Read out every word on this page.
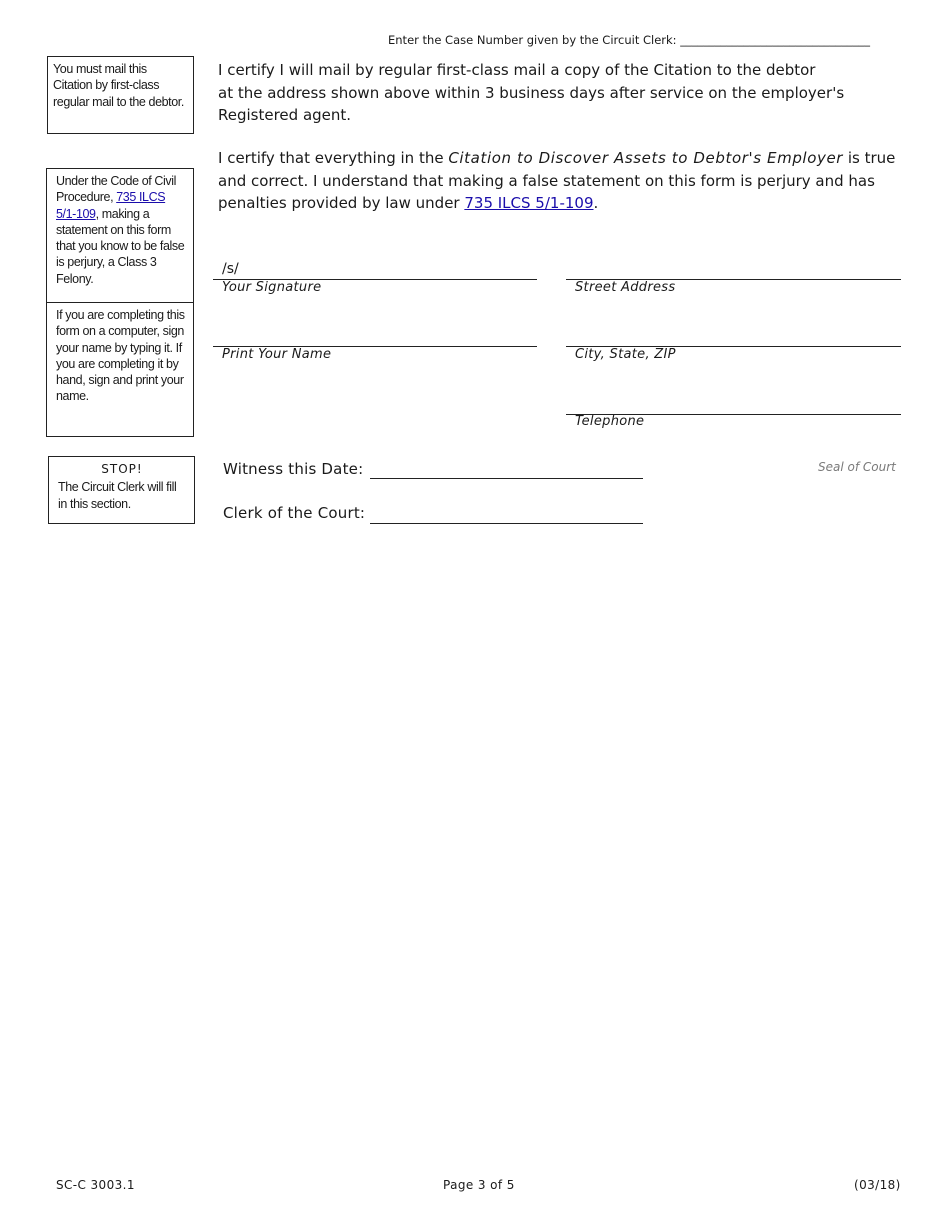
Enter the Case Number given by the Circuit Clerk: _________________________________
You must mail this Citation by first-class regular mail to the debtor.
Under the Code of Civil Procedure, 735 ILCS 5/1-109, making a statement on this form that you know to be false is perjury, a Class 3 Felony.
If you are completing this form on a computer, sign your name by typing it. If you are completing it by hand, sign and print your name.
STOP!
The Circuit Clerk will fill in this section.
I certify I will mail by regular first-class mail a copy of the Citation to the debtor
at the address shown above within 3 business days after service on the employer's
Registered agent.
I certify that everything in the Citation to Discover Assets to Debtor's Employer is true and correct. I understand that making a false statement on this form is perjury and has penalties provided by law under 735 ILCS 5/1-109.
/s/
Your Signature	Street Address
Print Your Name	City, State, ZIP
Telephone
Witness this Date:
Clerk of the Court:
Seal of Court
SC-C 3003.1	Page 3 of 5	(03/18)
